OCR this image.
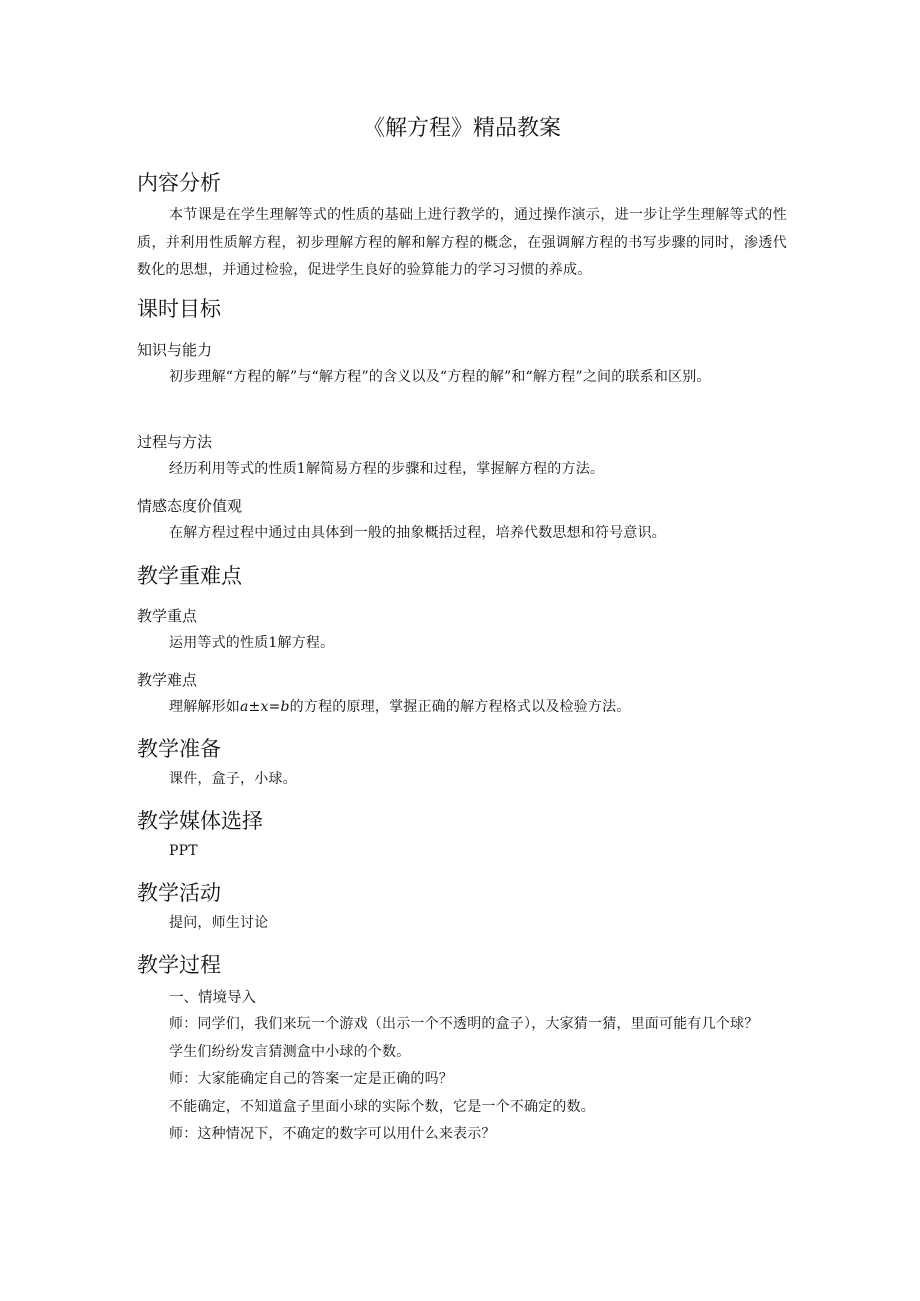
《解方程》精品教案
内容分析

本节课是在学生理解等式的性质的基础上进行教学的，通过操作演示，进一步让学生理解等式的性质，并利用性质解方程，初步理解方程的解和解方程的概念，在强调解方程的书写步骤的同时，渗透代数化的思想，并通过检验，促进学生良好的验算能力的学习习惯的养成。

课时目标
知识与能力

初步理解“方程的解”与“解方程”的含义以及“方程的解”和“解方程”之间的联系和区别。

过程与方法

经历利用等式的性质1解简易方程的步骤和过程，掌握解方程的方法。

情感态度价值观

在解方程过程中通过由具体到一般的抽象概括过程，培养代数思想和符号意识。

教学重难点
教学重点

运用等式的性质1解方程。

教学难点

理解解形如a±x=b的方程的原理，掌握正确的解方程格式以及检验方法。

教学准备

课件，盒子，小球。

教学媒体选择

PPT

教学活动

提问，师生讨论

教学过程
一、情境导入

师：同学们，我们来玩一个游戏（出示一个不透明的盒子），大家猜一猜，里面可能有几个球？

学生们纷纷发言猜测盒中小球的个数。

师：大家能确定自己的答案一定是正确的吗？

不能确定，不知道盒子里面小球的实际个数，它是一个不确定的数。

师：这种情况下，不确定的数字可以用什么来表示？
